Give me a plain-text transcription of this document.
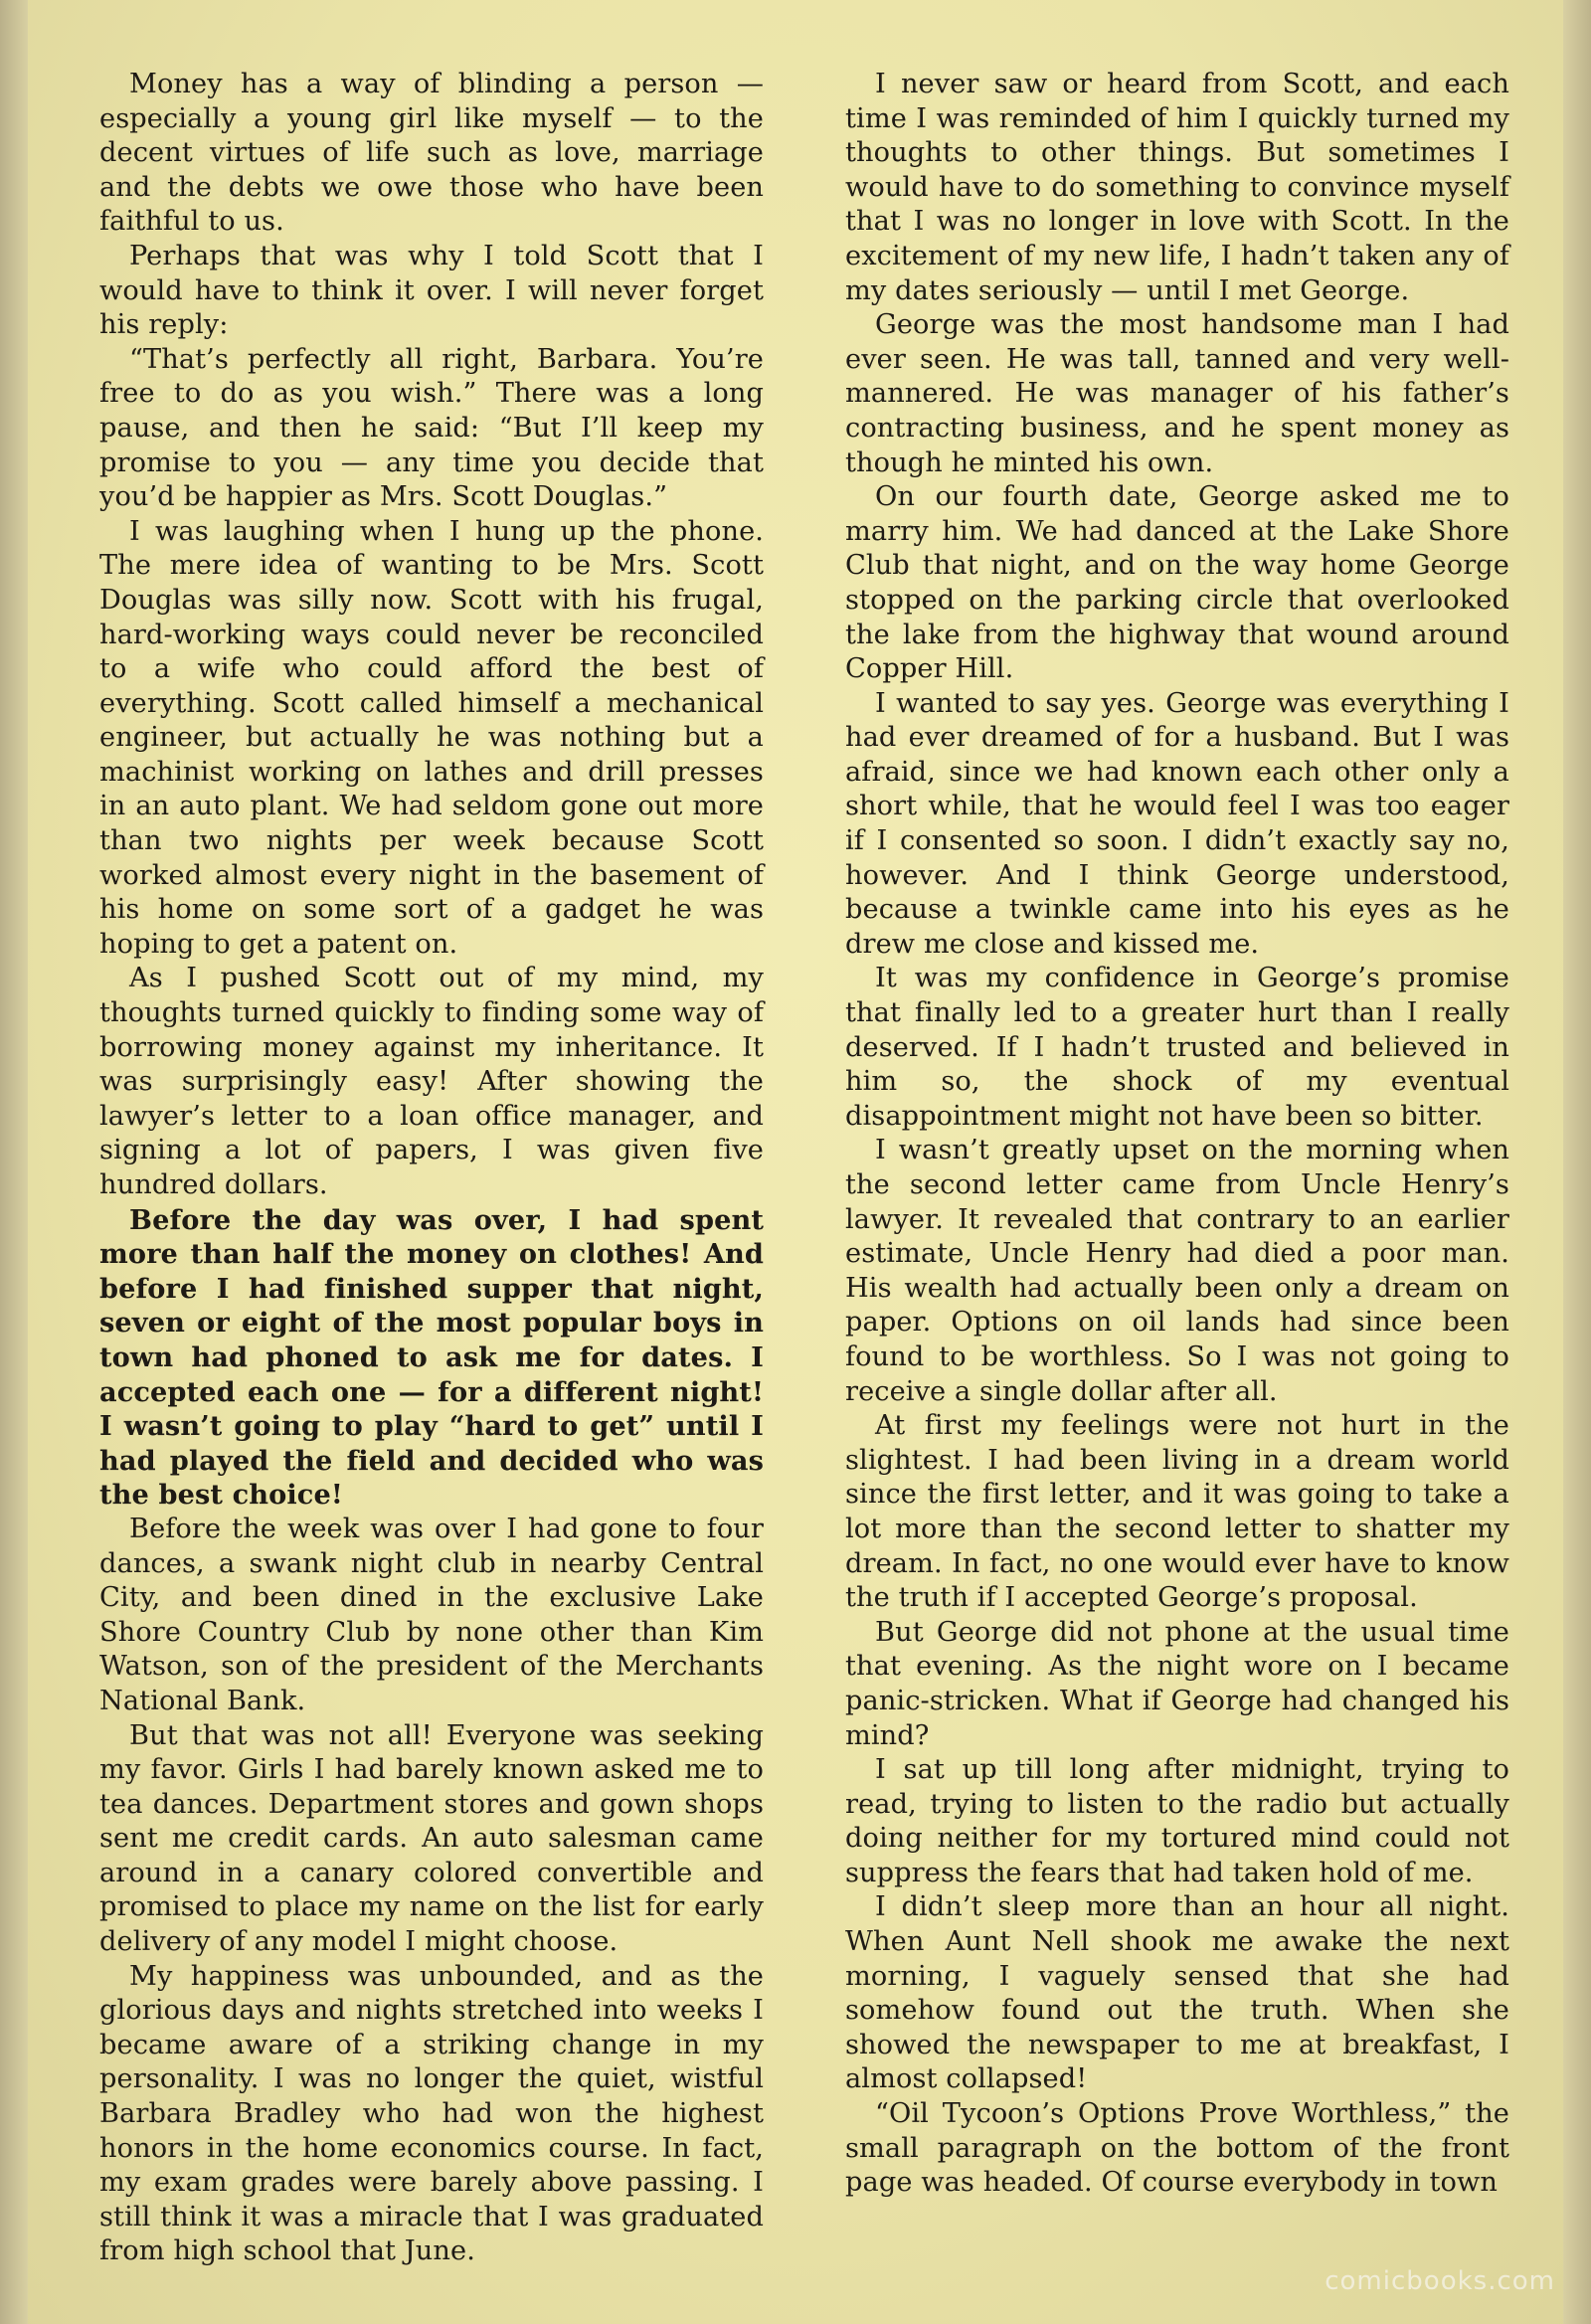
Money has a way of blinding a person — especially a young girl like myself — to the decent virtues of life such as love, marriage and the debts we owe those who have been faithful to us.

Perhaps that was why I told Scott that I would have to think it over. I will never forget his reply:

“That’s perfectly all right, Barbara. You’re free to do as you wish.” There was a long pause, and then he said: “But I’ll keep my promise to you — any time you decide that you’d be happier as Mrs. Scott Douglas.”

I was laughing when I hung up the phone. The mere idea of wanting to be Mrs. Scott Douglas was silly now. Scott with his frugal, hard-working ways could never be reconciled to a wife who could afford the best of everything. Scott called himself a mechanical engineer, but actually he was nothing but a machinist working on lathes and drill presses in an auto plant. We had seldom gone out more than two nights per week because Scott worked almost every night in the basement of his home on some sort of a gadget he was hoping to get a patent on.

As I pushed Scott out of my mind, my thoughts turned quickly to finding some way of borrowing money against my inheritance. It was surprisingly easy! After showing the lawyer’s letter to a loan office manager, and signing a lot of papers, I was given five hundred dollars.

Before the day was over, I had spent more than half the money on clothes! And before I had finished supper that night, seven or eight of the most popular boys in town had phoned to ask me for dates. I accepted each one — for a different night! I wasn’t going to play “hard to get” until I had played the field and decided who was the best choice!

Before the week was over I had gone to four dances, a swank night club in nearby Central City, and been dined in the exclusive Lake Shore Country Club by none other than Kim Watson, son of the president of the Merchants National Bank.

But that was not all! Everyone was seeking my favor. Girls I had barely known asked me to tea dances. Department stores and gown shops sent me credit cards. An auto salesman came around in a canary colored convertible and promised to place my name on the list for early delivery of any model I might choose.

My happiness was unbounded, and as the glorious days and nights stretched into weeks I became aware of a striking change in my personality. I was no longer the quiet, wistful Barbara Bradley who had won the highest honors in the home economics course. In fact, my exam grades were barely above passing. I still think it was a miracle that I was graduated from high school that June.

I never saw or heard from Scott, and each time I was reminded of him I quickly turned my thoughts to other things. But sometimes I would have to do something to convince myself that I was no longer in love with Scott. In the excitement of my new life, I hadn’t taken any of my dates seriously — until I met George.

George was the most handsome man I had ever seen. He was tall, tanned and very well-mannered. He was manager of his father’s contracting business, and he spent money as though he minted his own.

On our fourth date, George asked me to marry him. We had danced at the Lake Shore Club that night, and on the way home George stopped on the parking circle that overlooked the lake from the highway that wound around Copper Hill.

I wanted to say yes. George was everything I had ever dreamed of for a husband. But I was afraid, since we had known each other only a short while, that he would feel I was too eager if I consented so soon. I didn’t exactly say no, however. And I think George understood, because a twinkle came into his eyes as he drew me close and kissed me.

It was my confidence in George’s promise that finally led to a greater hurt than I really deserved. If I hadn’t trusted and believed in him so, the shock of my eventual disappointment might not have been so bitter.

I wasn’t greatly upset on the morning when the second letter came from Uncle Henry’s lawyer. It revealed that contrary to an earlier estimate, Uncle Henry had died a poor man. His wealth had actually been only a dream on paper. Options on oil lands had since been found to be worthless. So I was not going to receive a single dollar after all.

At first my feelings were not hurt in the slightest. I had been living in a dream world since the first letter, and it was going to take a lot more than the second letter to shatter my dream. In fact, no one would ever have to know the truth if I accepted George’s proposal.

But George did not phone at the usual time that evening. As the night wore on I became panic-stricken. What if George had changed his mind?

I sat up till long after midnight, trying to read, trying to listen to the radio but actually doing neither for my tortured mind could not suppress the fears that had taken hold of me.

I didn’t sleep more than an hour all night. When Aunt Nell shook me awake the next morning, I vaguely sensed that she had somehow found out the truth. When she showed the newspaper to me at breakfast, I almost collapsed!

“Oil Tycoon’s Options Prove Worthless,” the small paragraph on the bottom of the front page was headed. Of course everybody in town

comicbooks.com
